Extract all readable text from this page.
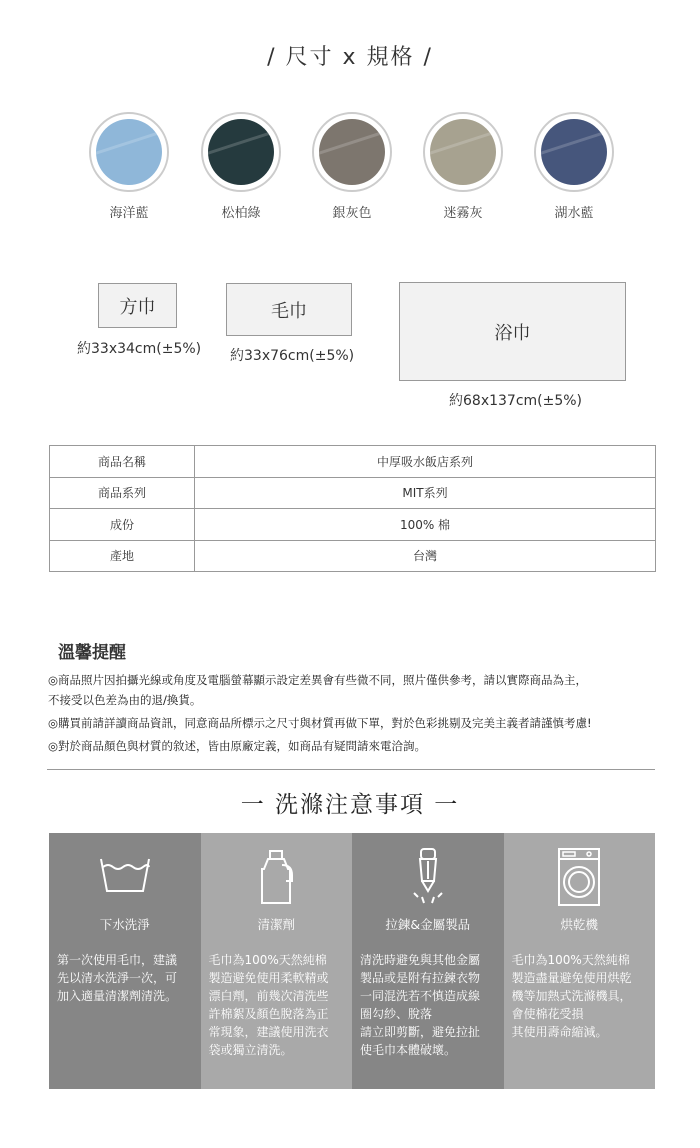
/ 尺寸 x 規格 /
海洋藍	松柏綠	銀灰色	迷霧灰	湖水藍
方巾
約33x34cm(±5%)
毛巾
約33x76cm(±5%)
浴巾
約68x137cm(±5%)
商品名稱	中厚吸水飯店系列
商品系列	MIT系列
成份	100% 棉
產地	台灣
溫馨提醒
◎商品照片因拍攝光線或角度及電腦螢幕顯示設定差異會有些微不同，照片僅供參考，請以實際商品為主，
不接受以色差為由的退/換貨。
◎購買前請詳讀商品資訊，同意商品所標示之尺寸與材質再做下單，對於色彩挑剔及完美主義者請謹慎考慮!
◎對於商品顏色與材質的敘述，皆由原廠定義，如商品有疑問請來電洽詢。
一 洗滌注意事項 一
下水洗淨
第一次使用毛巾，建議
先以清水洗淨一次，可
加入適量清潔劑清洗。
清潔劑
毛巾為100%天然純棉
製造避免使用柔軟精或
漂白劑，前幾次清洗些
許棉絮及顏色脫落為正
常現象，建議使用洗衣
袋或獨立清洗。
拉鍊&金屬製品
清洗時避免與其他金屬
製品或是附有拉鍊衣物
一同混洗若不慎造成線
圈勾紗、脫落
請立即剪斷，避免拉扯
使毛巾本體破壞。
烘乾機
毛巾為100%天然純棉
製造盡量避免使用烘乾
機等加熱式洗滌機具，
會使棉花受損
其使用壽命縮減。
